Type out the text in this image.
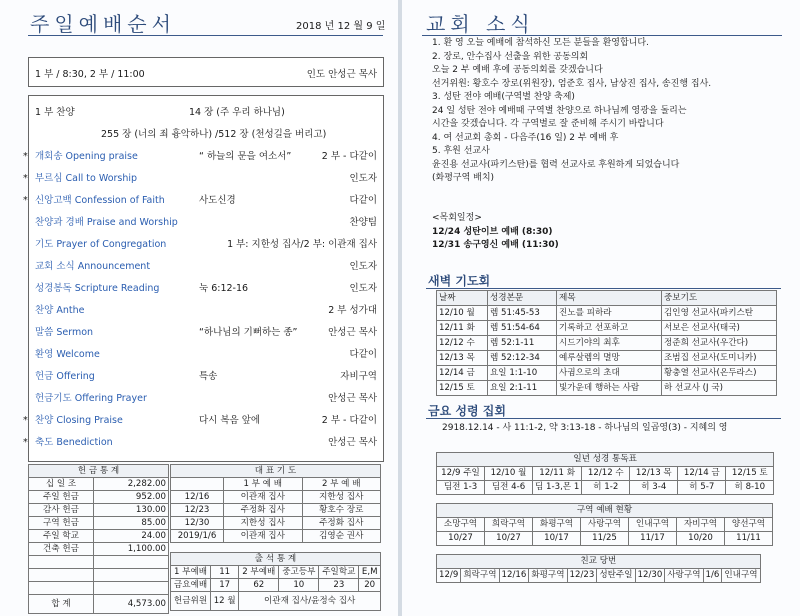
주일예배순서	2018 년 12 월 9 일
1 부 / 8:30, 2 부 / 11:00	인도 안성근 목사
1 부 찬양	14 장 (주 우리 하나님)
255 장 (너의 죄 흉악하나) /512 장 (천성길을 버리고)
* 개회송 Opening praise	“ 하늘의 문을 여소서”	2 부 - 다같이
* 부르심 Call to Worship	인도자
* 신앙고백 Confession of Faith	사도신경	다같이
찬양과 경배 Praise and Worship	찬양팀
기도 Prayer of Congregation	1 부: 지한성 집사/2 부: 이관재 집사
교회 소식 Announcement	인도자
성경봉독 Scripture Reading	눅 6:12-16	인도자
찬양 Anthe	2 부 성가대
말씀 Sermon	“하나님의 기뻐하는 종”	안성근 목사
환영 Welcome	다같이
헌금 Offering	특송	자비구역
헌금기도 Offering Prayer	안성근 목사
* 찬양 Closing Praise	다시 복음 앞에	2 부 - 다같이
* 축도 Benediction	안성근 목사
헌 금 통 계	
십 일 조	2,282.00
주일 헌금	952.00
감사 헌금	130.00
구역 헌금	85.00
주일 학교	24.00
건축 헌금	1,100.00

합 계	4,573.00
대 표 기 도		
	1 부 예 배	2 부 예 배
12/16	이관재 집사	지한성 집사
12/23	주정화 집사	황호수 장로
12/30	지한성 집사	주정화 집사
2019/1/6	이관재 집사	김영순 권사
출 석 통 계					
1 부예배	11	2 부예배	중고등부	주일학교	E,M
금요예배	17	62	10	23	20
헌금위원	12 월	이관재 집사/윤정숙 집사			
교회 소식
1. 환 영 오늘 예배에 참석하신 모든 분들을 환영합니다.
2. 장로, 안수집사 선출을 위한 공동의회
오늘 2 부 예배 후에 공동의회를 갖겠습니다
선거위원: 황호수 장로(위원장), 엄준호 집사, 남상진 집사, 송진행 집사.
3. 성탄 전야 예배(구역별 찬양 축제)
24 일 성탄 전야 예배때 구역별 찬양으로 하나님께 영광을 돌리는
시간을 갖겠습니다. 각 구역별로 잘 준비해 주시기 바랍니다
4. 여 선교회 총회 - 다음주(16 일) 2 부 예배 후
5. 후원 선교사
윤진용 선교사(파키스탄)를 협력 선교사로 후원하게 되었습니다
(화평구역 배치)
<목회일정>
12/24 성탄이브 예배 (8:30)
12/31 송구영신 예배 (11:30)
새벽 기도회
날짜	성경본문	제목	중보기도
12/10 월	렘 51:45-53	진노를 피하라	김인영 선교사(파키스탄
12/11 화	렘 51:54-64	기록하고 선포하고	서보은 선교사(태국)
12/12 수	렘 52:1-11	시드기야의 최후	정준희 선교사(우간다)
12/13 목	렘 52:12-34	예루살렘의 멸망	조범집 선교사(도미니카)
12/14 금	요일 1:1-10	사귐으로의 초대	황충열 선교사(온두라스)
12/15 토	요일 2:1-11	빛가운데 행하는 사람	하 선교사 (J 국)
금요 성령 집회
2918.12.14 - 사 11:1-2, 약 3:13-18 - 하나님의 일곱영(3) - 지혜의 영
일년 성경 통독표						
12/9 주일	12/10 월	12/11 화	12/12 수	12/13 목	12/14 금	12/15 토
딤전 1-3	딤전 4-6	딤 1-3,몬 1	히 1-2	히 3-4	히 5-7	히 8-10
구역 예배 현황						
소망구역	희락구역	화평구역	사랑구역	인내구역	자비구역	양선구역
10/27	10/27	10/17	11/25	11/17	10/20	11/11
친교 당번
12/9	희락구역	12/16	화평구역	12/23	성탄주일	12/30	사랑구역	1/6	인내구역
